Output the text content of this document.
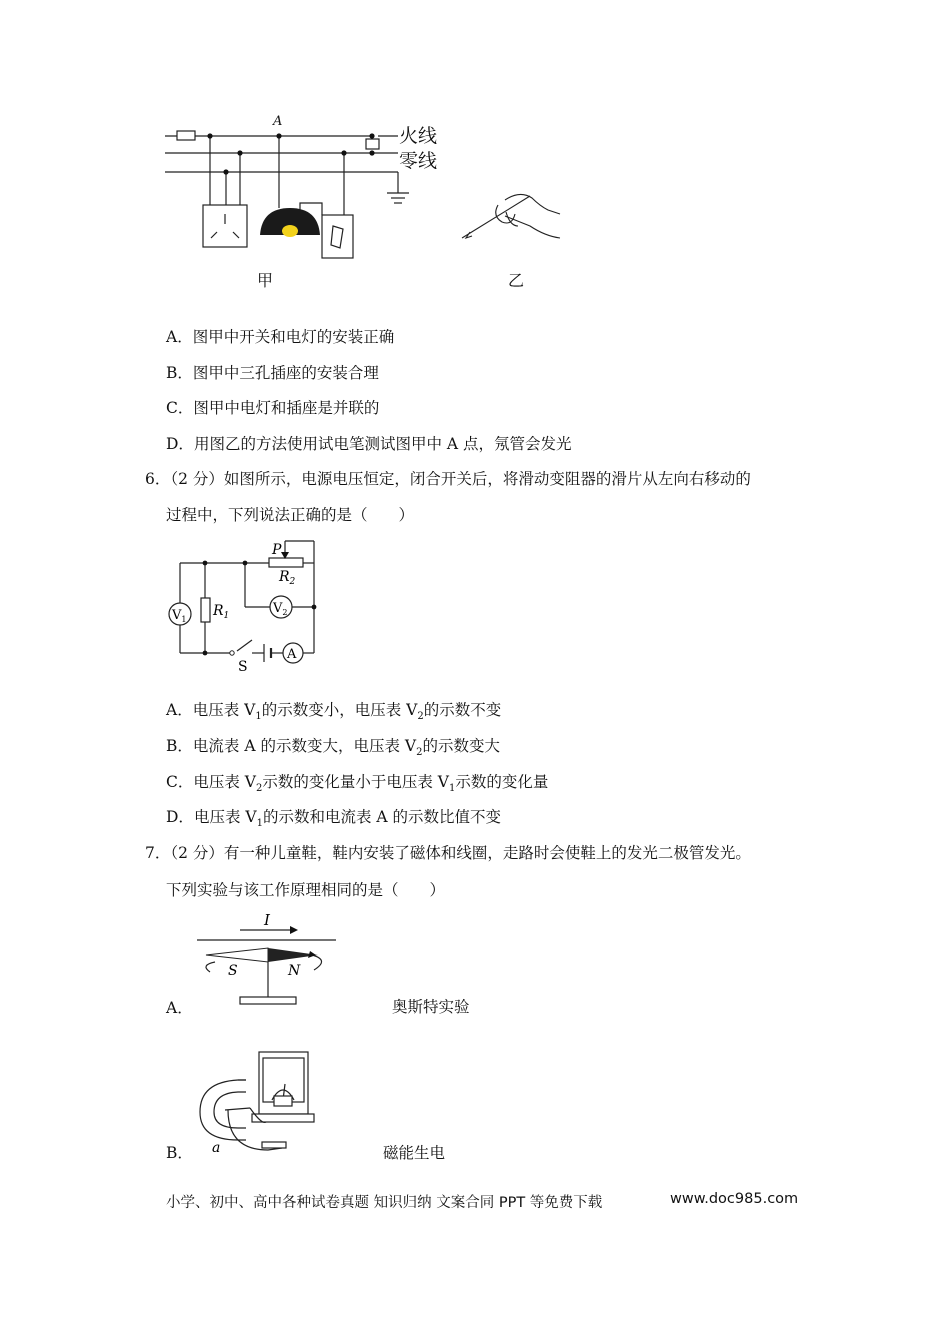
火线
零线
A
甲	乙
A．图甲中开关和电灯的安装正确
B．图甲中三孔插座的安装合理
C．图甲中电灯和插座是并联的
D．用图乙的方法使用试电笔测试图甲中 A 点，氖管会发光
6．（2 分）如图所示，电源电压恒定，闭合开关后，将滑动变阻器的滑片从左向右移动的
过程中，下列说法正确的是（　　）
P
$R_2$
$R_1$
$V_1$
$V_2$
A
S
A．电压表 $V_1$的示数变小，电压表 $V_2$的示数不变
B．电流表 A 的示数变大，电压表 $V_2$的示数变大
C．电压表 $V_2$示数的变化量小于电压表 $V_1$示数的变化量
D．电压表 $V_1$的示数和电流表 A 的示数比值不变
7．（2 分）有一种儿童鞋，鞋内安装了磁体和线圈，走路时会使鞋上的发光二极管发光。
下列实验与该工作原理相同的是（　　）
I
S	N
A．	奥斯特实验
a
B．	磁能生电
小学、初中、高中各种试卷真题 知识归纳 文案合同 PPT 等免费下载	www.doc985.com
